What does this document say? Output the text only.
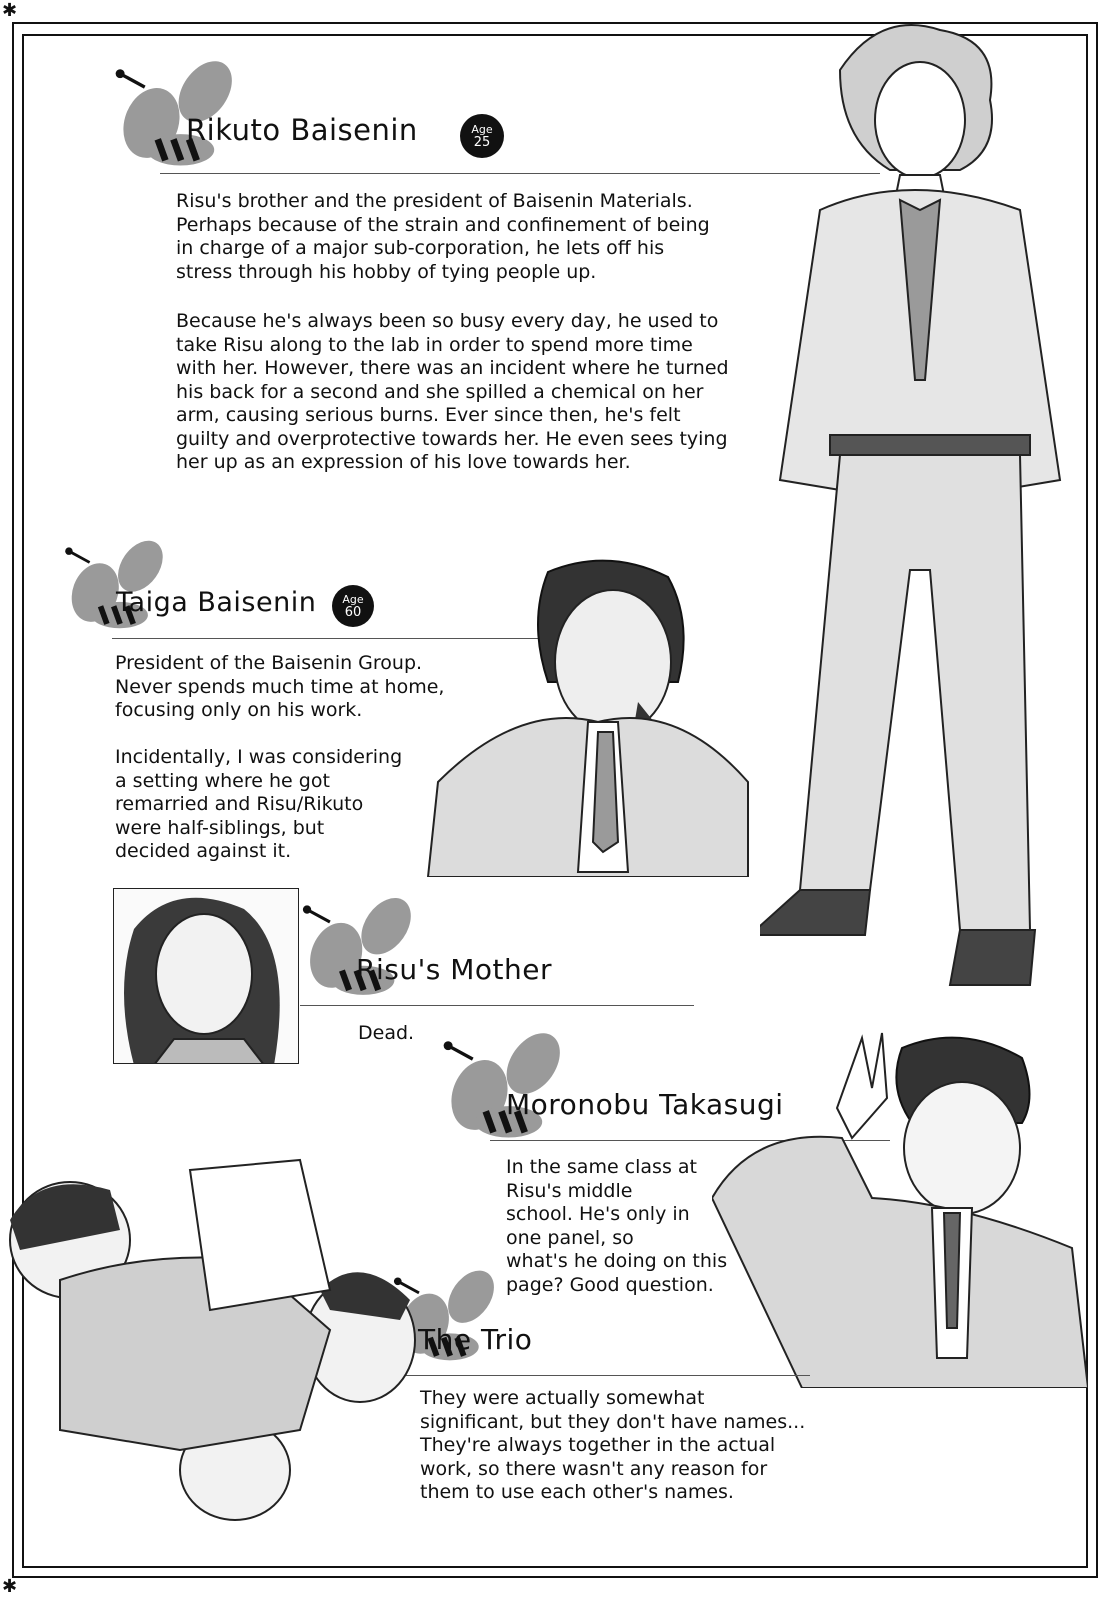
✱
✱
Rikuto Baisenin	Age
25
Risu's brother and the president of Baisenin Materials.
Perhaps because of the strain and confinement of being
in charge of a major sub-corporation, he lets off his
stress through his hobby of tying people up.
Because he's always been so busy every day, he used to
take Risu along to the lab in order to spend more time
with her. However, there was an incident where he turned
his back for a second and she spilled a chemical on her
arm, causing serious burns. Ever since then, he's felt
guilty and overprotective towards her. He even sees tying
her up as an expression of his love towards her.
Taiga Baisenin	Age
60
President of the Baisenin Group.
Never spends much time at home,
focusing only on his work.
Incidentally, I was considering
a setting where he got
remarried and Risu/Rikuto
were half-siblings, but
decided against it.
Risu's Mother
Dead.
Moronobu Takasugi
In the same class at
Risu's middle
school. He's only in
one panel, so
what's he doing on this
page? Good question.
The Trio
They were actually somewhat
significant, but they don't have names...
They're always together in the actual
work, so there wasn't any reason for
them to use each other's names.
